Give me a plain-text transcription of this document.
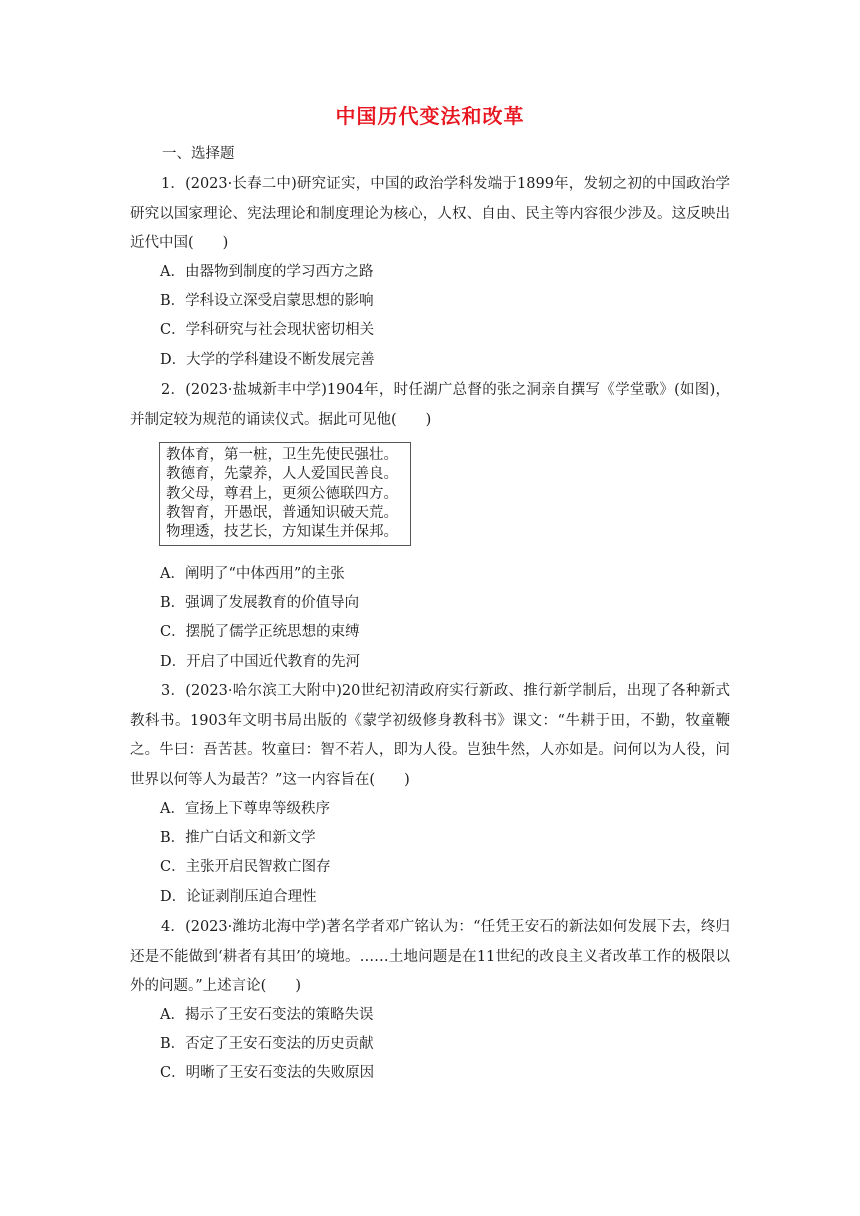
中国历代变法和改革
一、选择题
1．(2023·长春二中)研究证实，中国的政治学科发端于1899年，发轫之初的中国政治学研究以国家理论、宪法理论和制度理论为核心，人权、自由、民主等内容很少涉及。这反映出近代中国(　　)
A．由器物到制度的学习西方之路
B．学科设立深受启蒙思想的影响
C．学科研究与社会现状密切相关
D．大学的学科建设不断发展完善
2．(2023·盐城新丰中学)1904年，时任湖广总督的张之洞亲自撰写《学堂歌》(如图)，并制定较为规范的诵读仪式。据此可见他(　　)
教体育，第一桩，卫生先使民强壮。
教德育，先蒙养，人人爱国民善良。
教父母，尊君上，更须公德联四方。
教智育，开愚氓，普通知识破天荒。
物理透，技艺长，方知谋生并保邦。
A．阐明了“中体西用”的主张
B．强调了发展教育的价值导向
C．摆脱了儒学正统思想的束缚
D．开启了中国近代教育的先河
3．(2023·哈尔滨工大附中)20世纪初清政府实行新政、推行新学制后，出现了各种新式教科书。1903年文明书局出版的《蒙学初级修身教科书》课文：“牛耕于田，不勤，牧童鞭之。牛曰：吾苦甚。牧童曰：智不若人，即为人役。岂独牛然，人亦如是。问何以为人役，问世界以何等人为最苦？”这一内容旨在(　　)
A．宣扬上下尊卑等级秩序
B．推广白话文和新文学
C．主张开启民智救亡图存
D．论证剥削压迫合理性
4．(2023·潍坊北海中学)著名学者邓广铭认为：“任凭王安石的新法如何发展下去，终归还是不能做到‘耕者有其田’的境地。……土地问题是在11世纪的改良主义者改革工作的极限以外的问题。”上述言论(　　)
A．揭示了王安石变法的策略失误
B．否定了王安石变法的历史贡献
C．明晰了王安石变法的失败原因
